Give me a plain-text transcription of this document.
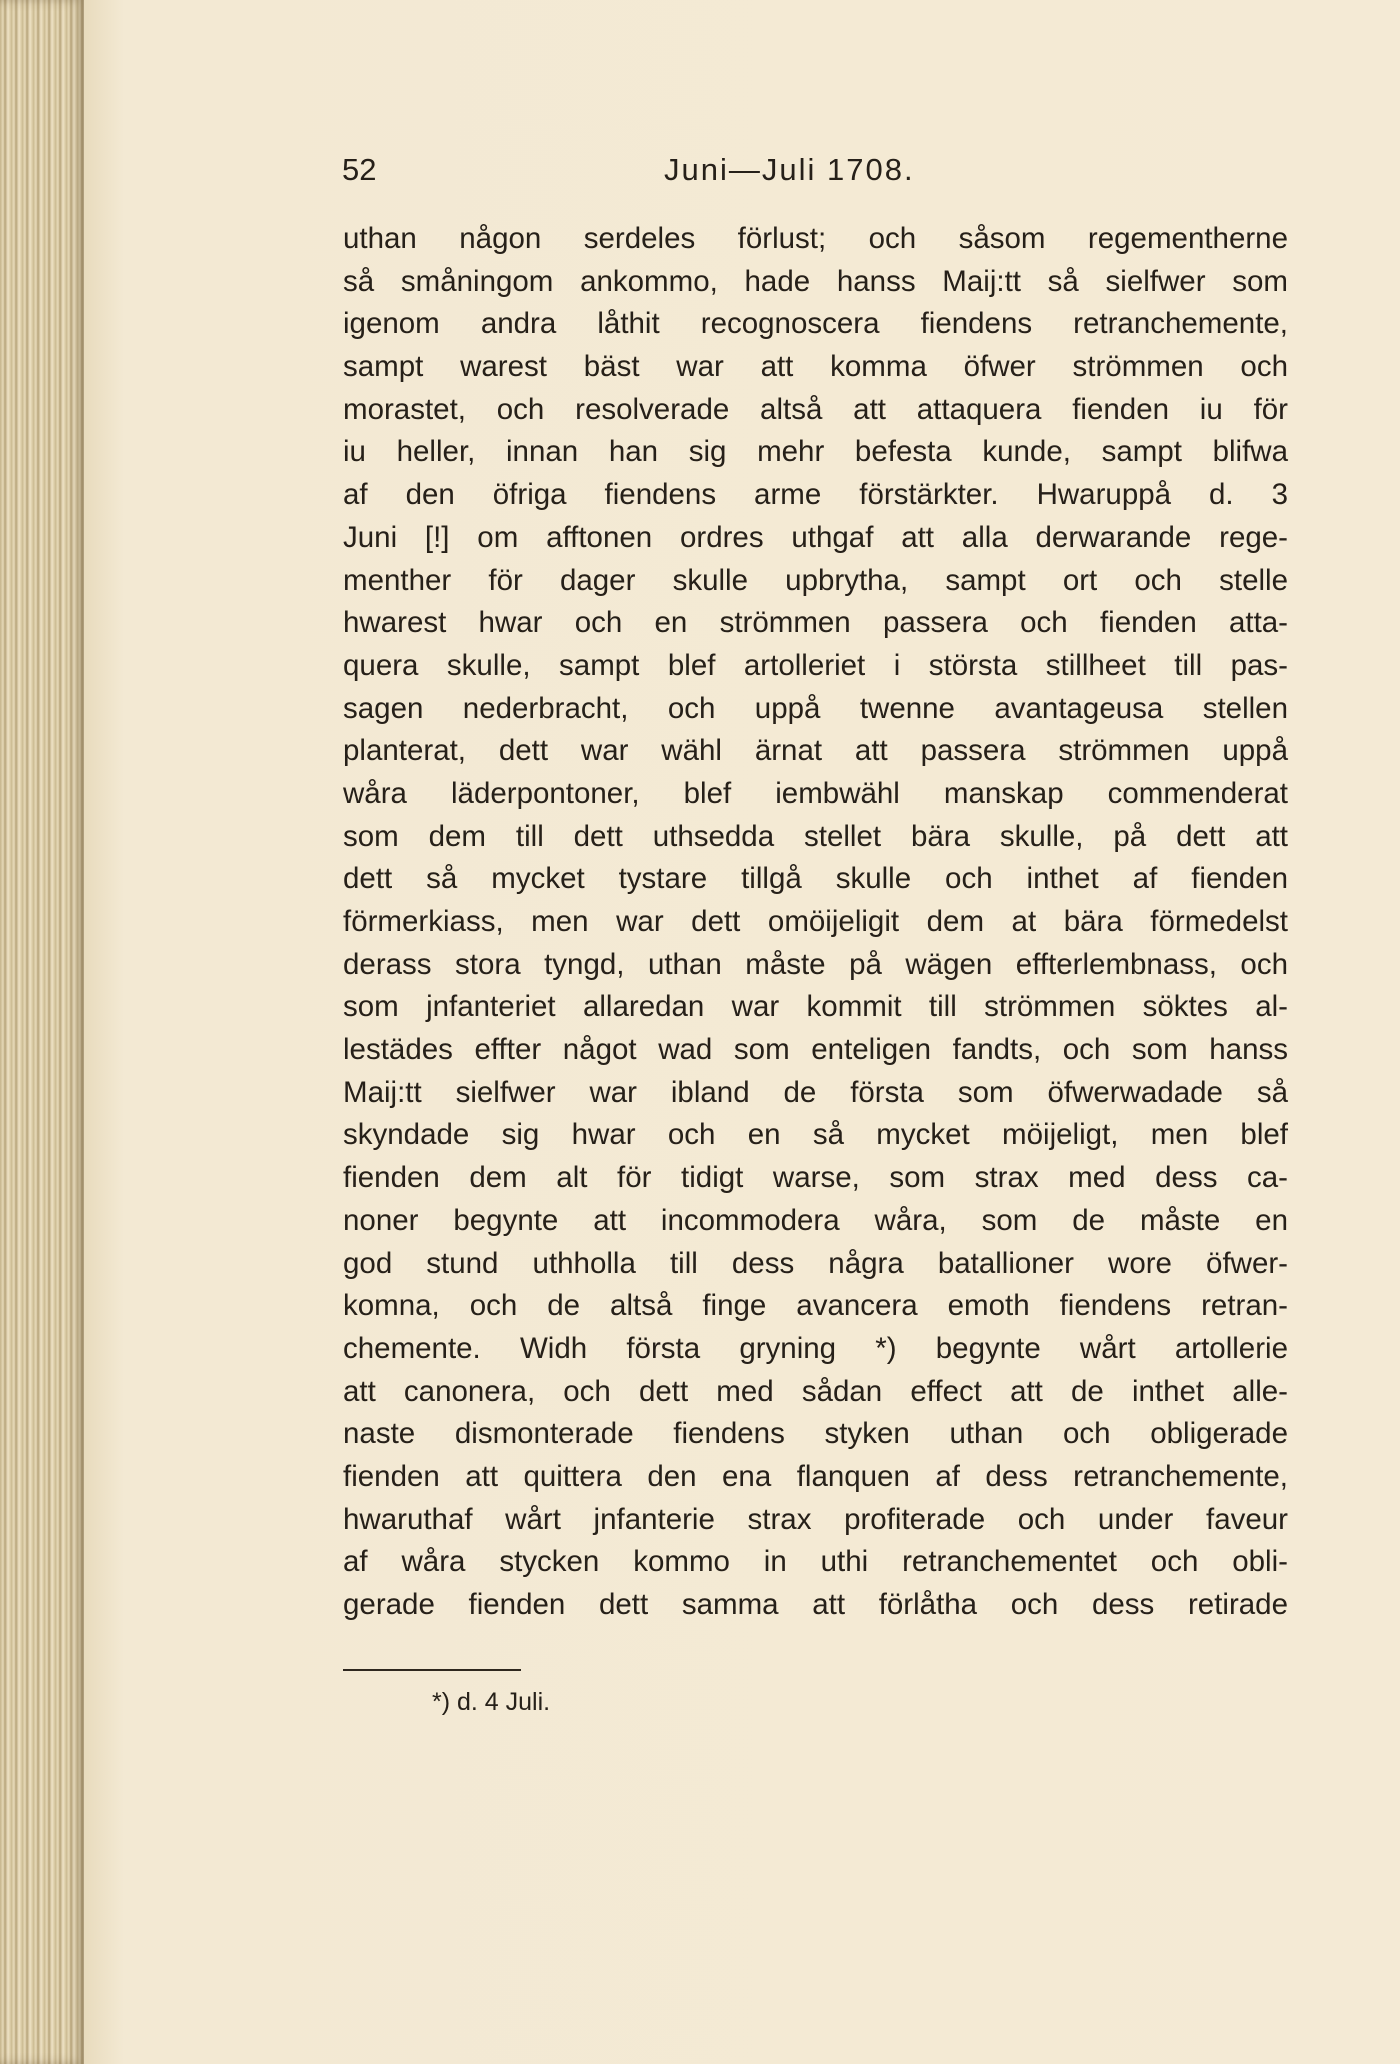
52	Juni—Juli 1708.
uthan någon serdeles förlust; och såsom regementherne
så småningom ankommo, hade hanss Maij:tt så sielfwer som
igenom andra låthit recognoscera fiendens retranchemente,
sampt warest bäst war att komma öfwer strömmen och
morastet, och resolverade altså att attaquera fienden iu för
iu heller, innan han sig mehr befesta kunde, sampt blifwa
af den öfriga fiendens arme förstärkter. Hwaruppå d. 3
Juni [!] om afftonen ordres uthgaf att alla derwarande rege-
menther för dager skulle upbrytha, sampt ort och stelle
hwarest hwar och en strömmen passera och fienden atta-
quera skulle, sampt blef artolleriet i största stillheet till pas-
sagen nederbracht, och uppå twenne avantageusa stellen
planterat, dett war wähl ärnat att passera strömmen uppå
wåra läderpontoner, blef iembwähl manskap commenderat
som dem till dett uthsedda stellet bära skulle, på dett att
dett så mycket tystare tillgå skulle och inthet af fienden
förmerkiass, men war dett omöijeligit dem at bära förmedelst
derass stora tyngd, uthan måste på wägen effterlembnass, och
som jnfanteriet allaredan war kommit till strömmen söktes al-
lestädes effter något wad som enteligen fandts, och som hanss
Maij:tt sielfwer war ibland de första som öfwerwadade så
skyndade sig hwar och en så mycket möijeligt, men blef
fienden dem alt för tidigt warse, som strax med dess ca-
noner begynte att incommodera wåra, som de måste en
god stund uthholla till dess några batallioner wore öfwer-
komna, och de altså finge avancera emoth fiendens retran-
chemente. Widh första gryning *) begynte wårt artollerie
att canonera, och dett med sådan effect att de inthet alle-
naste dismonterade fiendens styken uthan och obligerade
fienden att quittera den ena flanquen af dess retranchemente,
hwaruthaf wårt jnfanterie strax profiterade och under faveur
af wåra stycken kommo in uthi retranchementet och obli-
gerade fienden dett samma att förlåtha och dess retirade
*) d. 4 Juli.
